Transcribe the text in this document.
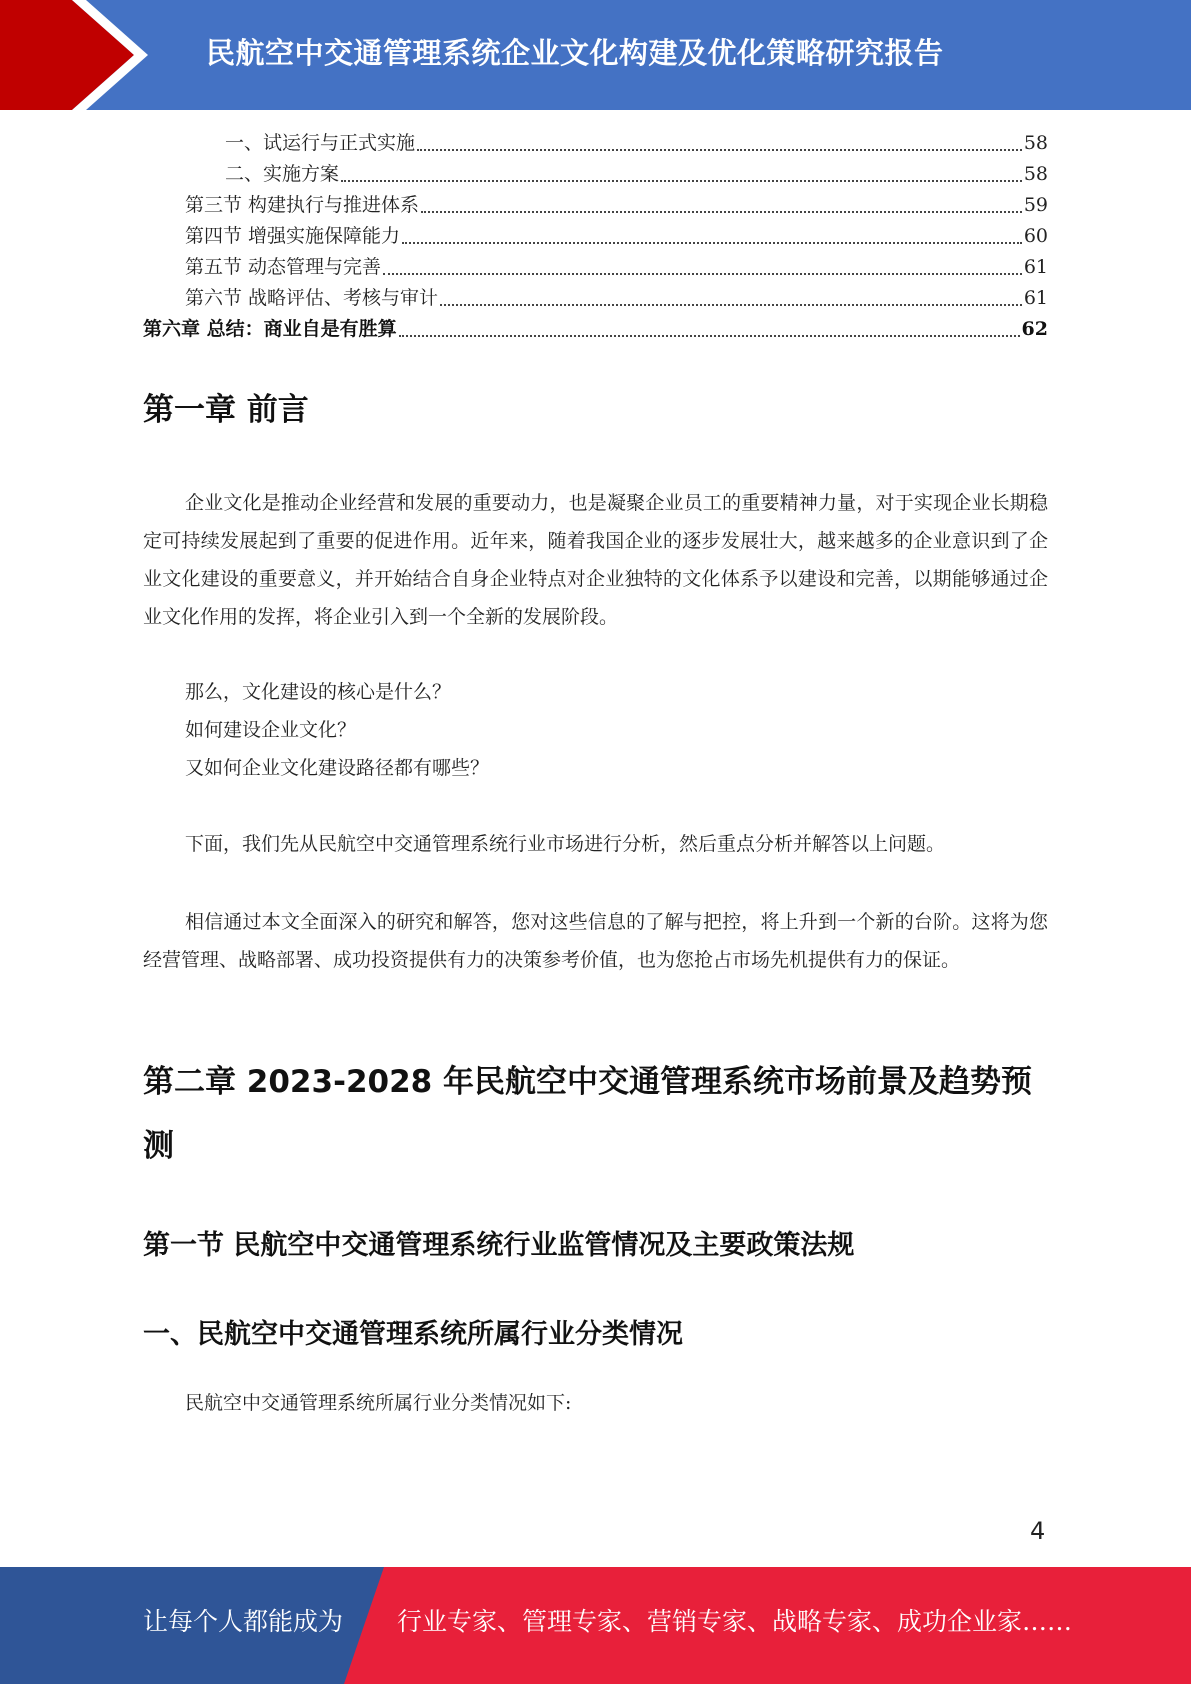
民航空中交通管理系统企业文化构建及优化策略研究报告
一、试运行与正式实施	58
二、实施方案	58
第三节 构建执行与推进体系	59
第四节 增强实施保障能力	60
第五节 动态管理与完善	61
第六节 战略评估、考核与审计	61
第六章 总结：商业自是有胜算	62
第一章 前言

企业文化是推动企业经营和发展的重要动力，也是凝聚企业员工的重要精神力量，对于实现企业长期稳定可持续发展起到了重要的促进作用。近年来，随着我国企业的逐步发展壮大，越来越多的企业意识到了企业文化建设的重要意义，并开始结合自身企业特点对企业独特的文化体系予以建设和完善，以期能够通过企业文化作用的发挥，将企业引入到一个全新的发展阶段。

那么，文化建设的核心是什么？

如何建设企业文化？

又如何企业文化建设路径都有哪些？

下面，我们先从民航空中交通管理系统行业市场进行分析，然后重点分析并解答以上问题。

相信通过本文全面深入的研究和解答，您对这些信息的了解与把控，将上升到一个新的台阶。这将为您经营管理、战略部署、成功投资提供有力的决策参考价值，也为您抢占市场先机提供有力的保证。

第二章 2023-2028 年民航空中交通管理系统市场前景及趋势预测
第一节 民航空中交通管理系统行业监管情况及主要政策法规
一、民航空中交通管理系统所属行业分类情况

民航空中交通管理系统所属行业分类情况如下:

4
让每个人都能成为 行业专家、管理专家、营销专家、战略专家、成功企业家……
